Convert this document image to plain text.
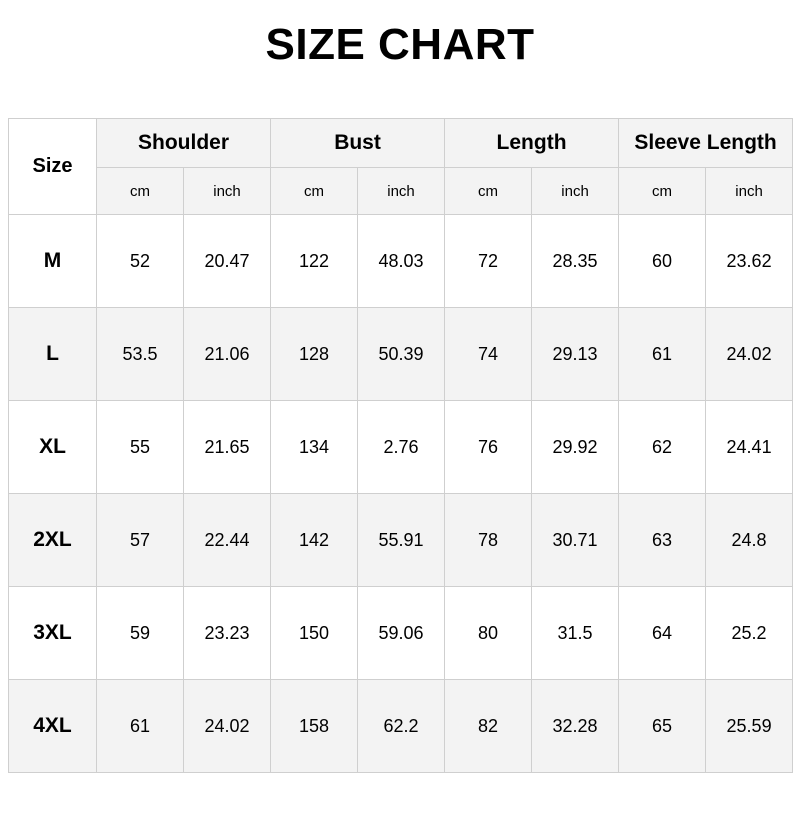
SIZE CHART
Size	Shoulder		Bust		Length		Sleeve Length	
	cm	inch	cm	inch	cm	inch	cm	inch
M	52	20.47	122	48.03	72	28.35	60	23.62
L	53.5	21.06	128	50.39	74	29.13	61	24.02
XL	55	21.65	134	2.76	76	29.92	62	24.41
2XL	57	22.44	142	55.91	78	30.71	63	24.8
3XL	59	23.23	150	59.06	80	31.5	64	25.2
4XL	61	24.02	158	62.2	82	32.28	65	25.59
